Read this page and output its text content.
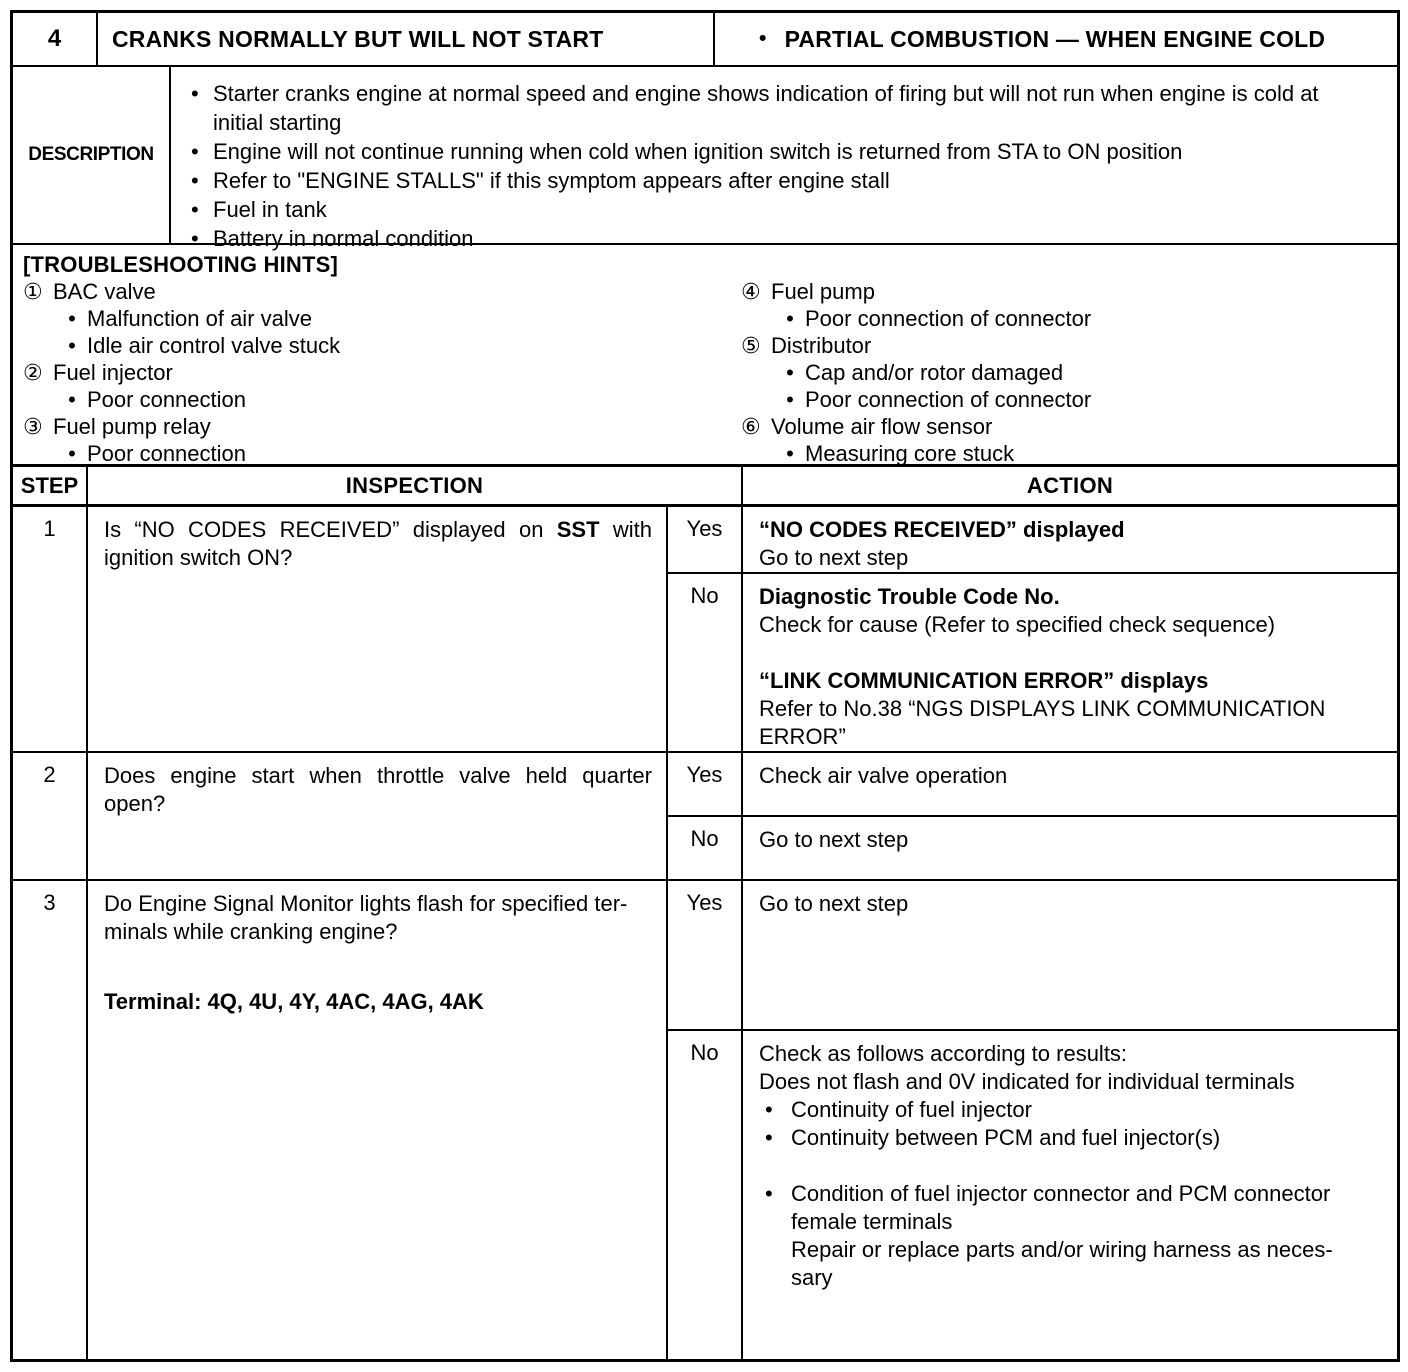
4	CRANKS NORMALLY BUT WILL NOT START	• PARTIAL COMBUSTION — WHEN ENGINE COLD
DESCRIPTION
• Starter cranks engine at normal speed and engine shows indication of firing but will not run when engine is cold at initial starting
• Engine will not continue running when cold when ignition switch is returned from STA to ON position
• Refer to "ENGINE STALLS" if this symptom appears after engine stall
• Fuel in tank
• Battery in normal condition
[TROUBLESHOOTING HINTS]
① BAC valve
• Malfunction of air valve
• Idle air control valve stuck
② Fuel injector
• Poor connection
③ Fuel pump relay
• Poor connection
④ Fuel pump
• Poor connection of connector
⑤ Distributor
• Cap and/or rotor damaged
• Poor connection of connector
⑥ Volume air flow sensor
• Measuring core stuck
STEP	INSPECTION	ACTION
1	Is “NO CODES RECEIVED” displayed on SST with ignition switch ON?

Yes	“NO CODES RECEIVED” displayed
Go to next step
No	Diagnostic Trouble Code No.
Check for cause (Refer to specified check sequence)
“LINK COMMUNICATION ERROR” displays
Refer to No.38 “NGS DISPLAYS LINK COMMUNICATION ERROR”
2	Does engine start when throttle valve held quarter open?

Yes	Check air valve operation
No	Go to next step
3	Do Engine Signal Monitor lights flash for specified ter-
minals while cranking engine?
Terminal: 4Q, 4U, 4Y, 4AC, 4AG, 4AK
Yes	Go to next step
No	Check as follows according to results:
Does not flash and 0V indicated for individual terminals
• Continuity of fuel injector
• Continuity between PCM and fuel injector(s)
• Condition of fuel injector connector and PCM connector
female terminals
Repair or replace parts and/or wiring harness as neces-
sary
